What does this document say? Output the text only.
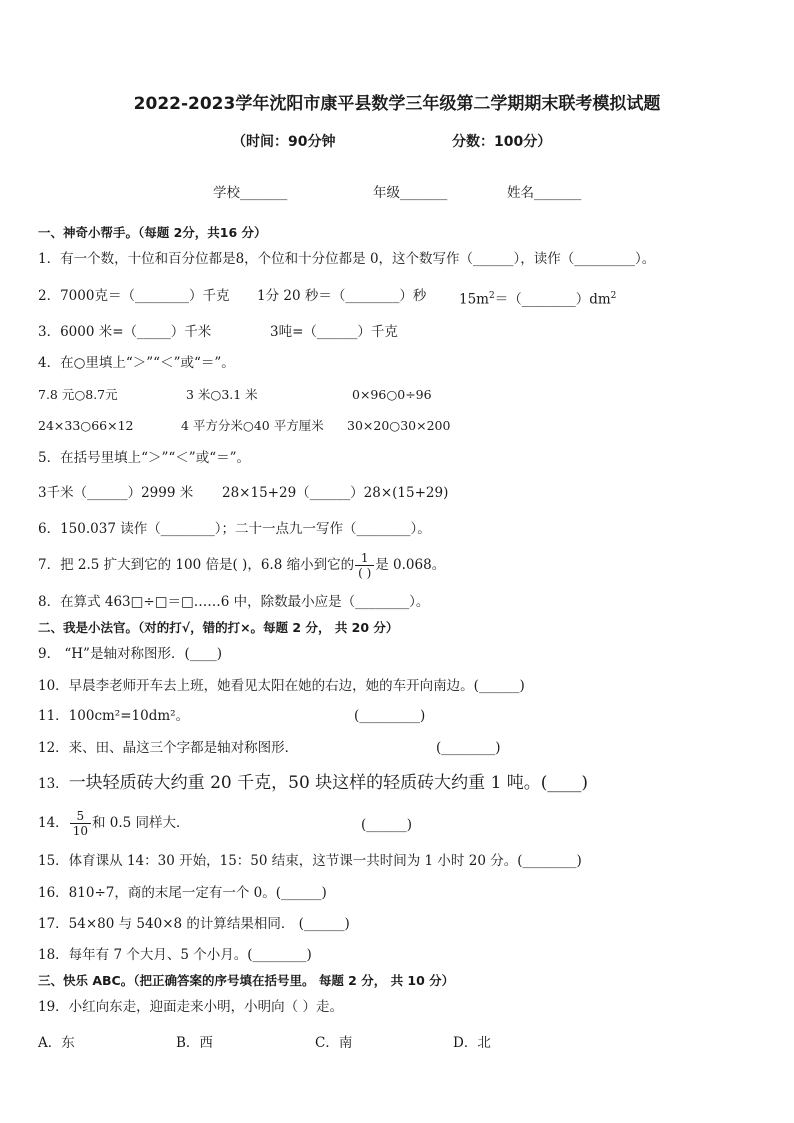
2022-2023学年沈阳市康平县数学三年级第二学期期末联考模拟试题
（时间：90分钟	分数：100分）
学校_______	年级_______	姓名_______
一、神奇小帮手。（每题 2分，共16 分）
1．有一个数，十位和百分位都是8，个位和十分位都是 0，这个数写作（______），读作（_________）。
2．7000克＝（________）千克 1分 20 秒＝（________）秒 $15m^2=(\_\_\_\_\_\_\_\_)dm^2$
3．6000 米=（_____）千米	3吨=（______）千克
4．在○里填上“＞”“＜”或“＝”。
7.8 元○8.7元	3 米○3.1 米	0×96○0÷96
24×33○66×12	4 平方分米○40 平方厘米 30×20○30×200
5．在括号里填上“＞”“＜”或“＝”。
3千米（______）2999 米 28×15+29（______）28×(15+29)
6．150.037 读作（________）；二十一点九一写作（________）。
7．把 2.5 扩大到它的 100 倍是( )，6.8 缩小到它的 $\frac{1}{( )}$ 是 0.068。
8．在算式 463□÷□＝□……6 中，除数最小应是（________）。
二、我是小法官。（对的打√，错的打×。每题 2 分， 共 20 分）
9． “H”是轴对称图形．(____)
10．早晨李老师开车去上班，她看见太阳在她的右边，她的车开向南边。(______)
11．100cm²=10dm²。	(_________)
12．来、田、晶这三个字都是轴对称图形．	(________)
13．一块轻质砖大约重 20 千克，50 块这样的轻质砖大约重 1 吨。(____)
14． $\frac{5}{10}$ 和 0.5 同样大．	(______)
15．体育课从 14：30 开始，15：50 结束，这节课一共时间为 1 小时 20 分。(________)
16．810÷7，商的末尾一定有一个 0。(______)
17．54×80 与 540×8 的计算结果相同． (______)
18．每年有 7 个大月、5 个小月。(________)
三、快乐 ABC。（把正确答案的序号填在括号里。 每题 2 分， 共 10 分）
19．小红向东走，迎面走来小明，小明向（ ）走。
A．东	B．西	C．南	D．北
